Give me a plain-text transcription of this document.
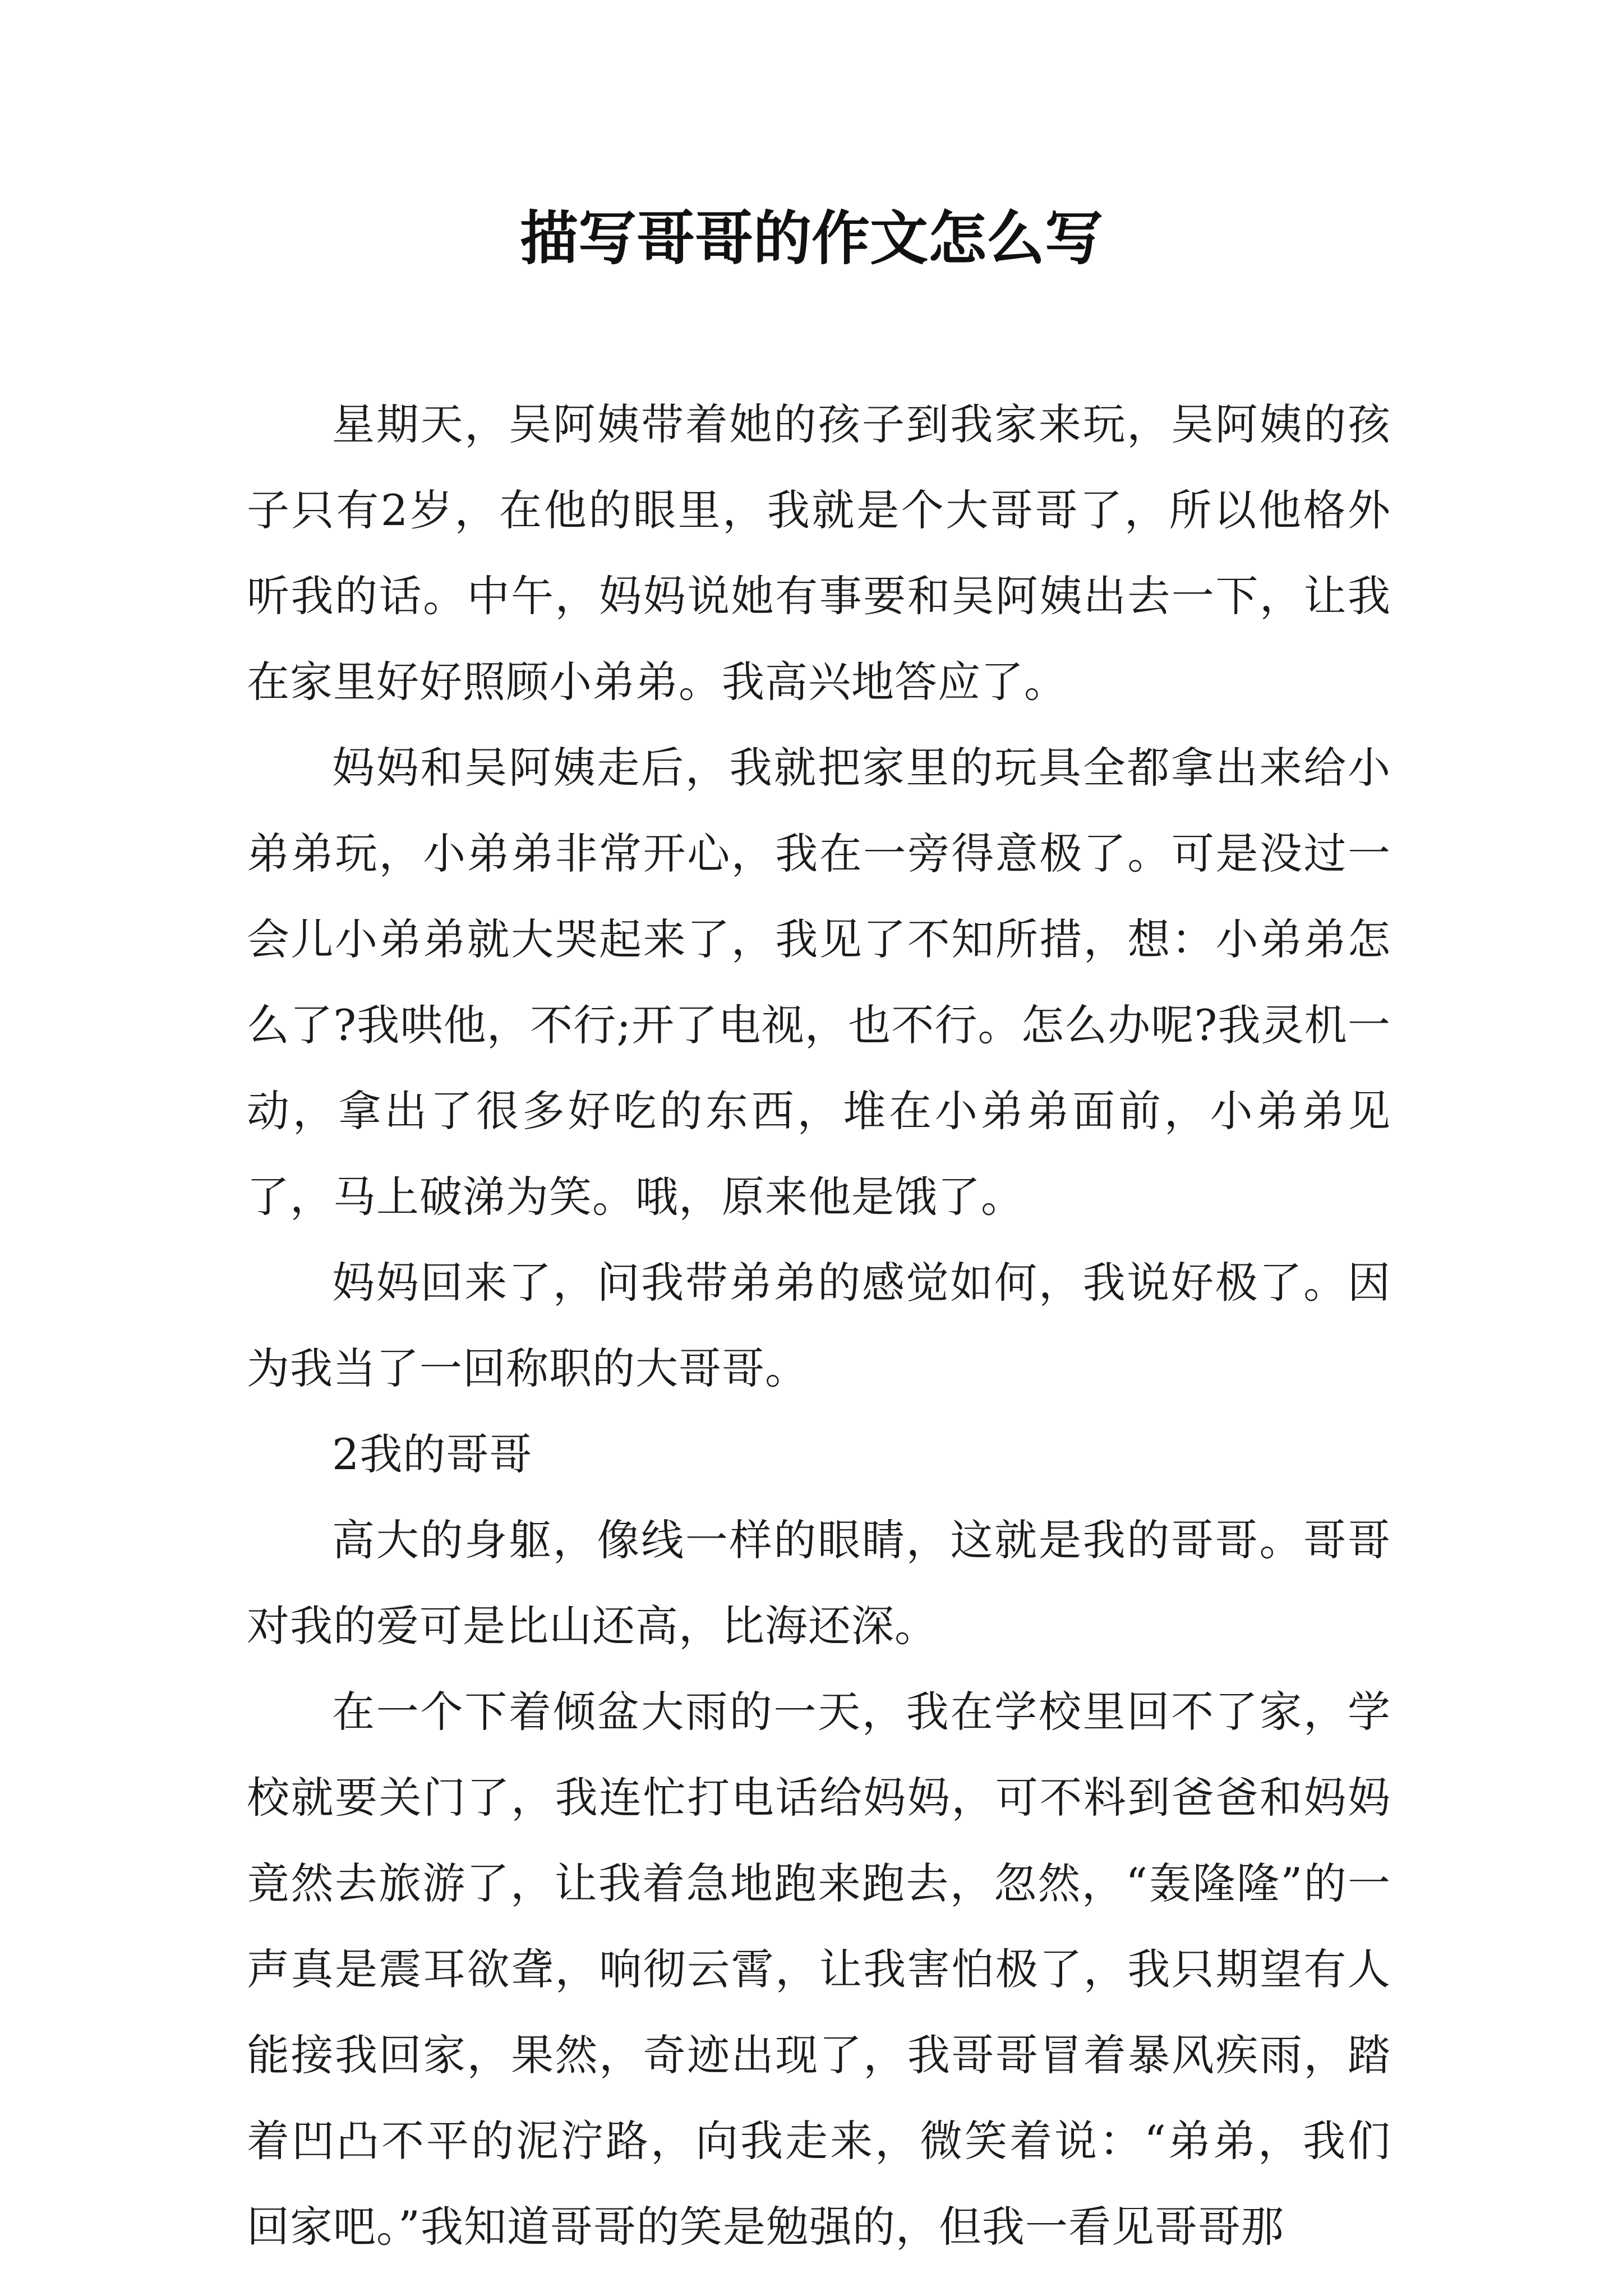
描写哥哥的作文怎么写

星期天，吴阿姨带着她的孩子到我家来玩，吴阿姨的孩子只有2岁，在他的眼里，我就是个大哥哥了，所以他格外听我的话。中午，妈妈说她有事要和吴阿姨出去一下，让我在家里好好照顾小弟弟。我高兴地答应了。

妈妈和吴阿姨走后，我就把家里的玩具全都拿出来给小弟弟玩，小弟弟非常开心，我在一旁得意极了。可是没过一会儿小弟弟就大哭起来了，我见了不知所措，想：小弟弟怎么了?我哄他，不行;开了电视，也不行。怎么办呢?我灵机一动，拿出了很多好吃的东西，堆在小弟弟面前，小弟弟见了，马上破涕为笑。哦，原来他是饿了。

妈妈回来了，问我带弟弟的感觉如何，我说好极了。因为我当了一回称职的大哥哥。

2我的哥哥

高大的身躯，像线一样的眼睛，这就是我的哥哥。哥哥对我的爱可是比山还高，比海还深。

在一个下着倾盆大雨的一天，我在学校里回不了家，学校就要关门了，我连忙打电话给妈妈，可不料到爸爸和妈妈竟然去旅游了，让我着急地跑来跑去，忽然，“轰隆隆”的一声真是震耳欲聋，响彻云霄，让我害怕极了，我只期望有人能接我回家，果然，奇迹出现了，我哥哥冒着暴风疾雨，踏着凹凸不平的泥泞路，向我走来，微笑着说：“弟弟，我们回家吧。”我知道哥哥的笑是勉强的，但我一看见哥哥那
